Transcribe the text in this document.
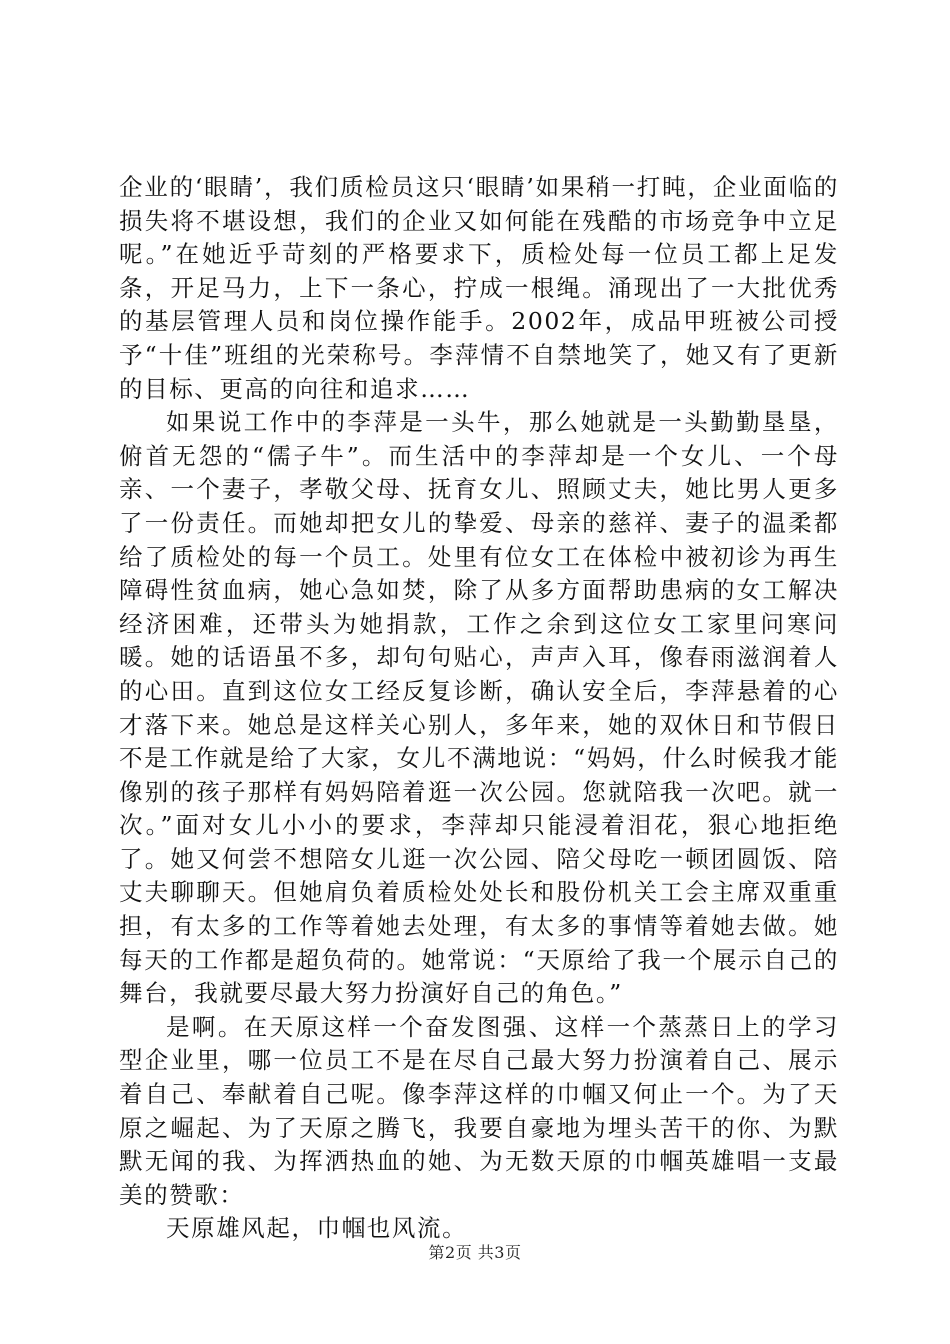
企业的‘眼睛’，我们质检员这只‘眼睛’如果稍一打盹，企业面临的损失将不堪设想，我们的企业又如何能在残酷的市场竞争中立足呢。”在她近乎苛刻的严格要求下，质检处每一位员工都上足发条，开足马力，上下一条心，拧成一根绳。涌现出了一大批优秀的基层管理人员和岗位操作能手。2002年，成品甲班被公司授予“十佳”班组的光荣称号。李萍情不自禁地笑了，她又有了更新的目标、更高的向往和追求……

如果说工作中的李萍是一头牛，那么她就是一头勤勤垦垦，俯首无怨的“儒子牛”。而生活中的李萍却是一个女儿、一个母亲、一个妻子，孝敬父母、抚育女儿、照顾丈夫，她比男人更多了一份责任。而她却把女儿的挚爱、母亲的慈祥、妻子的温柔都给了质检处的每一个员工。处里有位女工在体检中被初诊为再生障碍性贫血病，她心急如焚，除了从多方面帮助患病的女工解决经济困难，还带头为她捐款，工作之余到这位女工家里问寒问暖。她的话语虽不多，却句句贴心，声声入耳，像春雨滋润着人的心田。直到这位女工经反复诊断，确认安全后，李萍悬着的心才落下来。她总是这样关心别人，多年来，她的双休日和节假日不是工作就是给了大家，女儿不满地说：“妈妈，什么时候我才能像别的孩子那样有妈妈陪着逛一次公园。您就陪我一次吧。就一次。”面对女儿小小的要求，李萍却只能浸着泪花，狠心地拒绝了。她又何尝不想陪女儿逛一次公园、陪父母吃一顿团圆饭、陪丈夫聊聊天。但她肩负着质检处处长和股份机关工会主席双重重担，有太多的工作等着她去处理，有太多的事情等着她去做。她每天的工作都是超负荷的。她常说：“天原给了我一个展示自己的舞台，我就要尽最大努力扮演好自己的角色。”

是啊。在天原这样一个奋发图强、这样一个蒸蒸日上的学习型企业里，哪一位员工不是在尽自己最大努力扮演着自己、展示着自己、奉献着自己呢。像李萍这样的巾帼又何止一个。为了天原之崛起、为了天原之腾飞，我要自豪地为埋头苦干的你、为默默无闻的我、为挥洒热血的她、为无数天原的巾帼英雄唱一支最美的赞歌：

天原雄风起，巾帼也风流。

第2页 共3页
